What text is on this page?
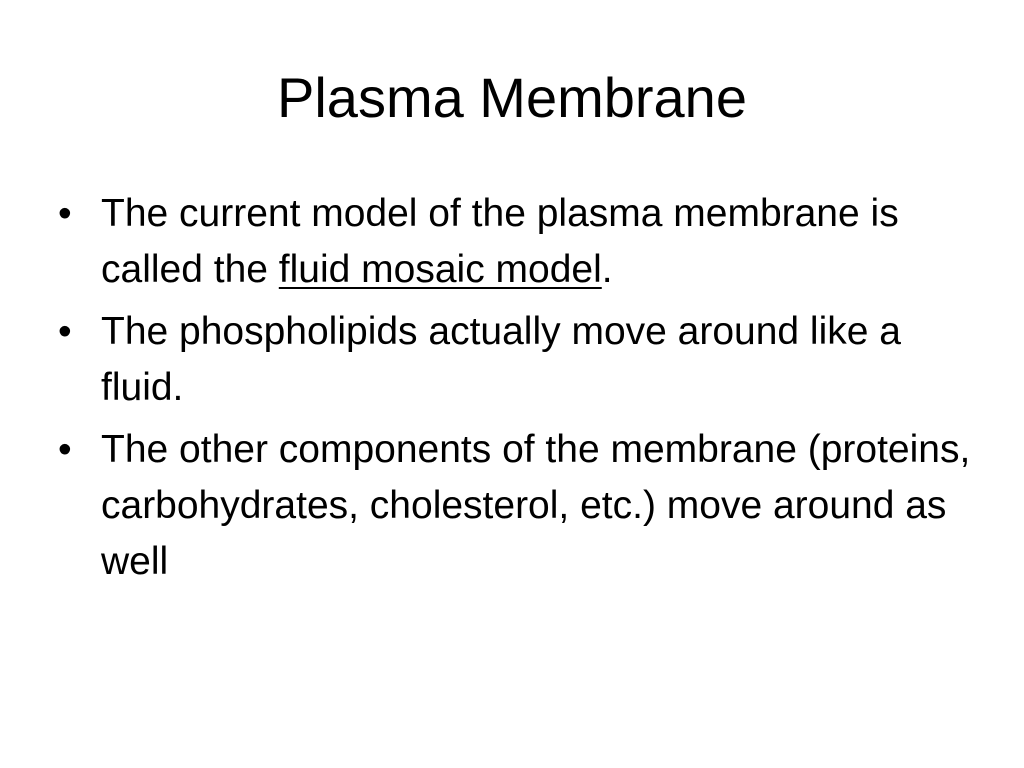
Plasma Membrane
• The current model of the plasma membrane is called the fluid mosaic model.
• The phospholipids actually move around like a fluid.
• The other components of the membrane (proteins, carbohydrates, cholesterol, etc.) move around as well
